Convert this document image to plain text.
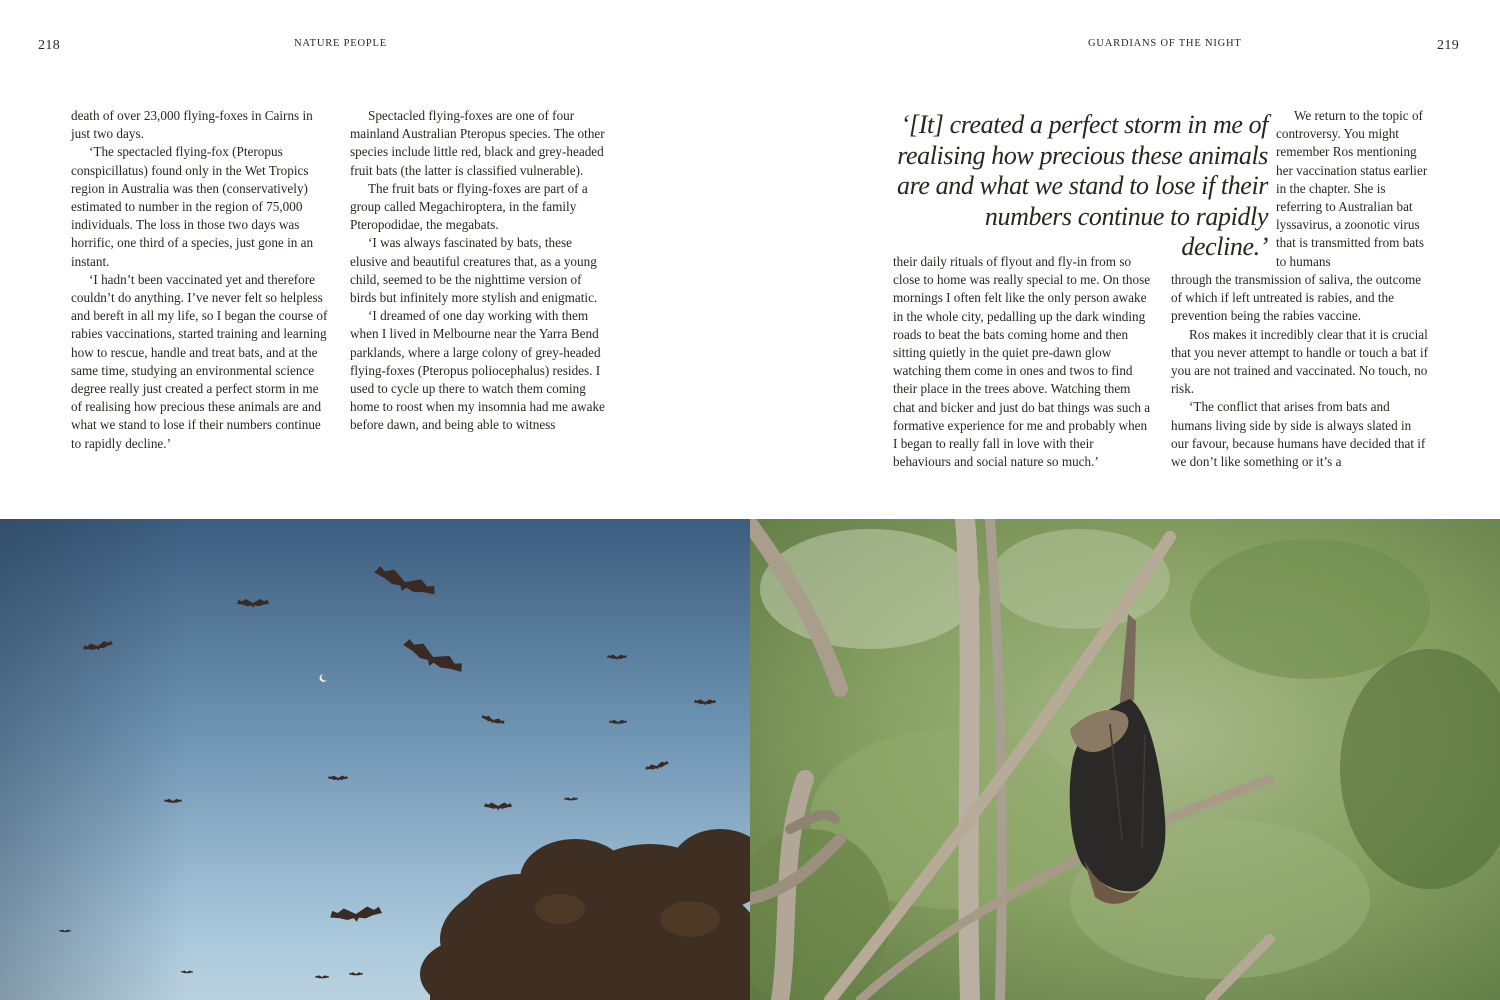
218	NATURE PEOPLE	GUARDIANS OF THE NIGHT	219

death of over 23,000 flying-foxes in Cairns in just two days.

‘The spectacled flying-fox (Pteropus conspicillatus) found only in the Wet Tropics region in Australia was then (conservatively) estimated to number in the region of 75,000 individuals. The loss in those two days was horrific, one third of a species, just gone in an instant.

‘I hadn’t been vaccinated yet and therefore couldn’t do anything. I’ve never felt so helpless and bereft in all my life, so I began the course of rabies vaccinations, started training and learning how to rescue, handle and treat bats, and at the same time, studying an environmental science degree really just created a perfect storm in me of realising how precious these animals are and what we stand to lose if their numbers continue to rapidly decline.’

Spectacled flying-foxes are one of four mainland Australian Pteropus species. The other species include little red, black and grey-headed fruit bats (the latter is classified vulnerable).

The fruit bats or flying-foxes are part of a group called Megachiroptera, in the family Pteropodidae, the megabats.

‘I was always fascinated by bats, these elusive and beautiful creatures that, as a young child, seemed to be the nighttime version of birds but infinitely more stylish and enigmatic.

‘I dreamed of one day working with them when I lived in Melbourne near the Yarra Bend parklands, where a large colony of grey-headed flying-foxes (Pteropus poliocephalus) resides. I used to cycle up there to watch them coming home to roost when my insomnia had me awake before dawn, and being able to witness

‘[It] created a perfect storm in me of realising how precious these animals are and what we stand to lose if their numbers continue to rapidly decline.’

We return to the topic of controversy. You might remember Ros mentioning her vaccination status earlier in the chapter. She is referring to Australian bat lyssavirus, a zoonotic virus that is transmitted from bats to humans

their daily rituals of flyout and fly-in from so close to home was really special to me. On those mornings I often felt like the only person awake in the whole city, pedalling up the dark winding roads to beat the bats coming home and then sitting quietly in the quiet pre-dawn glow watching them come in ones and twos to find their place in the trees above. Watching them chat and bicker and just do bat things was such a formative experience for me and probably when I began to really fall in love with their behaviours and social nature so much.’

through the transmission of saliva, the outcome of which if left untreated is rabies, and the prevention being the rabies vaccine.

Ros makes it incredibly clear that it is crucial that you never attempt to handle or touch a bat if you are not trained and vaccinated. No touch, no risk.

‘The conflict that arises from bats and humans living side by side is always slated in our favour, because humans have decided that if we don’t like something or it’s a
